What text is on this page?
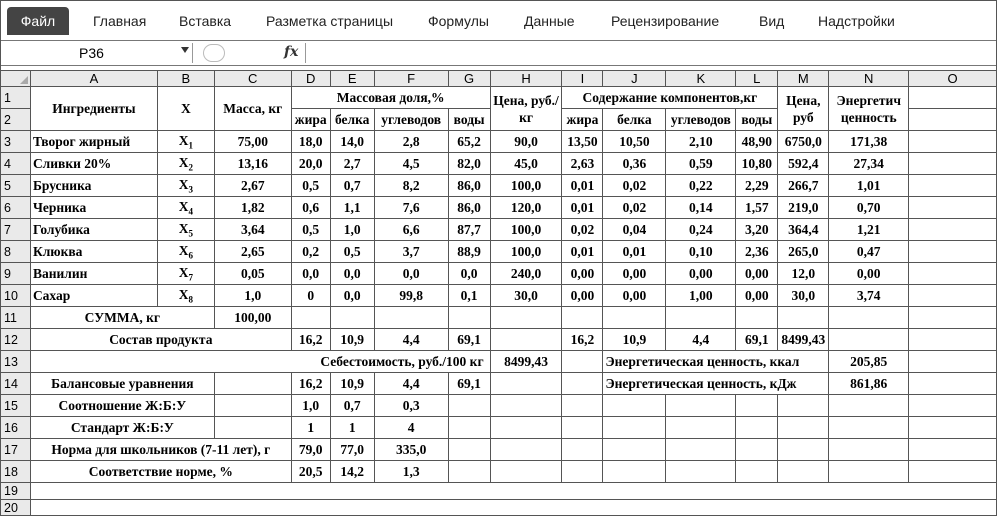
Файл	Главная Вставка Разметка страницы Формулы	Данные	Рецензирование	Вид Надстройки
P36	fx
	A	B	C	D	E	F	G	H	I	J	K	L	M	N	O
1	Ингредиенты	X	Масса, кг	Массовая доля,%				Цена, руб./кг	Содержание компонентов,кг				Цена, руб	Энергетич ценность	
2				жира	белка	углеводов	воды		жира	белка	углеводов	воды			
3	Творог жирный	$X_1$	75,00	18,0	14,0	2,8	65,2	90,0	13,50	10,50	2,10	48,90	6750,0	171,38	
4	Сливки 20%	$X_2$	13,16	20,0	2,7	4,5	82,0	45,0	2,63	0,36	0,59	10,80	592,4	27,34	
5	Брусника	$X_3$	2,67	0,5	0,7	8,2	86,0	100,0	0,01	0,02	0,22	2,29	266,7	1,01	
6	Черника	$X_4$	1,82	0,6	1,1	7,6	86,0	120,0	0,01	0,02	0,14	1,57	219,0	0,70	
7	Голубика	$X_5$	3,64	0,5	1,0	6,6	87,7	100,0	0,02	0,04	0,24	3,20	364,4	1,21	
8	Клюква	$X_6$	2,65	0,2	0,5	3,7	88,9	100,0	0,01	0,01	0,10	2,36	265,0	0,47	
9	Ванилин	$X_7$	0,05	0,0	0,0	0,0	0,0	240,0	0,00	0,00	0,00	0,00	12,0	0,00	
10	Сахар	$X_8$	1,0	0	0,0	99,8	0,1	30,0	0,00	0,00	1,00	0,00	30,0	3,74	
11	СУММА, кг		100,00												
12	Состав продукта			16,2	10,9	4,4	69,1		16,2	10,9	4,4	69,1	8499,43		
13	Себестоимость, руб./100 кг							8499,43		Энергетическая ценность, ккал				205,85	
14	Балансовые уравнения			16,2	10,9	4,4	69,1			Энергетическая ценность, кДж				861,86	
15	Соотношение Ж:Б:У			1,0	0,7	0,3									
16	Стандарт Ж:Б:У			1	1	4									
17	Норма для школьников (7-11 лет), г			79,0	77,0	335,0									
18	Соответствие норме, %			20,5	14,2	1,3									
19															
20															
